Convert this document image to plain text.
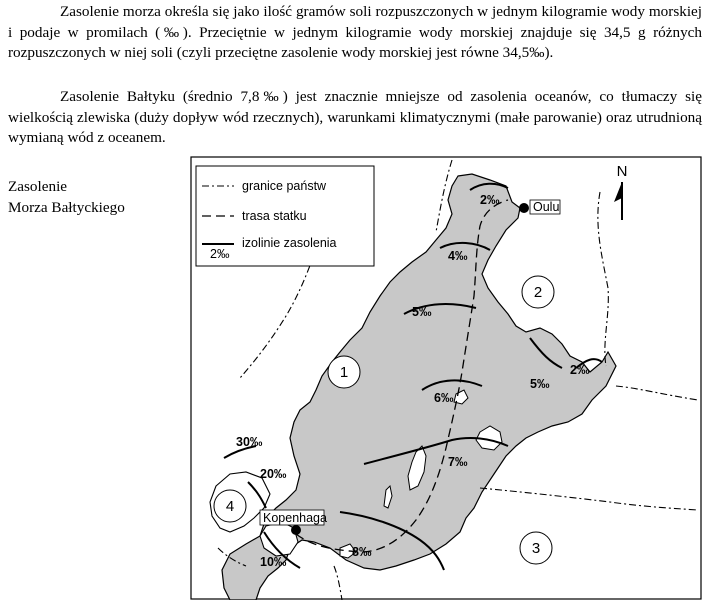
Zasolenie morza określa się jako ilość gramów soli rozpuszczonych w jednym kilogramie wody morskiej i podaje w promilach (‰). Przeciętnie w jednym kilogramie wody morskiej znajduje się 34,5 g różnych rozpuszczonych w niej soli (czyli przeciętne zasolenie wody morskiej jest równe 34,5‰).

Zasolenie Bałtyku (średnio 7,8‰) jest znacznie mniejsze od zasolenia oceanów, co tłumaczy się wielkością zlewiska (duży dopływ wód rzecznych), warunkami klimatycznymi (małe parowanie) oraz utrudnioną wymianą wód z oceanem.

Zasolenie
Morza Bałtyckiego
1
2
3
4
2‰
4‰
5‰
5‰
2‰
6‰
7‰
8‰
10‰
20‰
30‰
Oulu
Kopenhaga
N
granice państw
trasa statku
izolinie zasolenia
2‰
